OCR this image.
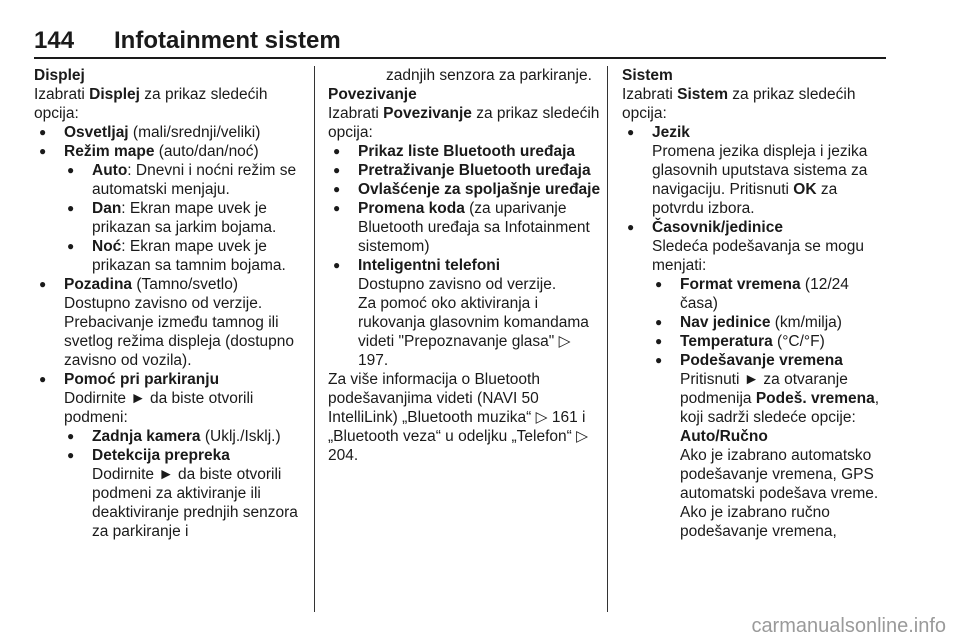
144 Infotainment sistem

Displej

Izabrati Displej za prikaz sledećih opcija:

● Osvetljaj (mali/srednji/veliki)

● Režim mape (auto/dan/noć)

● Auto: Dnevni i noćni režim se automatski menjaju.

● Dan: Ekran mape uvek je prikazan sa jarkim bojama.

● Noć: Ekran mape uvek je prikazan sa tamnim bojama.

● Pozadina (Tamno/svetlo)

Dostupno zavisno od verzije. Prebacivanje između tamnog ili svetlog režima displeja (dostupno zavisno od vozila).

● Pomoć pri parkiranju

Dodirnite ► da biste otvorili podmeni:

● Zadnja kamera (Uklj./Isklj.)

● Detekcija prepreka

Dodirnite ► da biste otvorili podmeni za aktiviranje ili deaktiviranje prednjih senzora za parkiranje i

zadnjih senzora za parkiranje.

Povezivanje

Izabrati Povezivanje za prikaz sledećih opcija:

● Prikaz liste Bluetooth uređaja

● Pretraživanje Bluetooth uređaja

● Ovlašćenje za spoljašnje uređaje

● Promena koda (za uparivanje Bluetooth uređaja sa Infotainment sistemom)

● Inteligentni telefoni

Dostupno zavisno od verzije.

Za pomoć oko aktiviranja i rukovanja glasovnim komandama videti "Prepoznavanje glasa" ▷ 197.

Za više informacija o Bluetooth podešavanjima videti (NAVI 50 IntelliLink) „Bluetooth muzika“ ▷ 161 i „Bluetooth veza“ u odeljku „Telefon“ ▷ 204.

Sistem

Izabrati Sistem za prikaz sledećih opcija:

● Jezik

Promena jezika displeja i jezika glasovnih uputstava sistema za navigaciju. Pritisnuti OK za potvrdu izbora.

● Časovnik/jedinice

Sledeća podešavanja se mogu menjati:

● Format vremena (12/24 časa)

● Nav jedinice (km/milja)

● Temperatura (°C/°F)

● Podešavanje vremena

Pritisnuti ► za otvaranje podmenija Podeš. vremena, koji sadrži sledeće opcije:

Auto/Ručno

Ako je izabrano automatsko podešavanje vremena, GPS automatski podešava vreme.

Ako je izabrano ručno podešavanje vremena,

carmanualsonline.info
